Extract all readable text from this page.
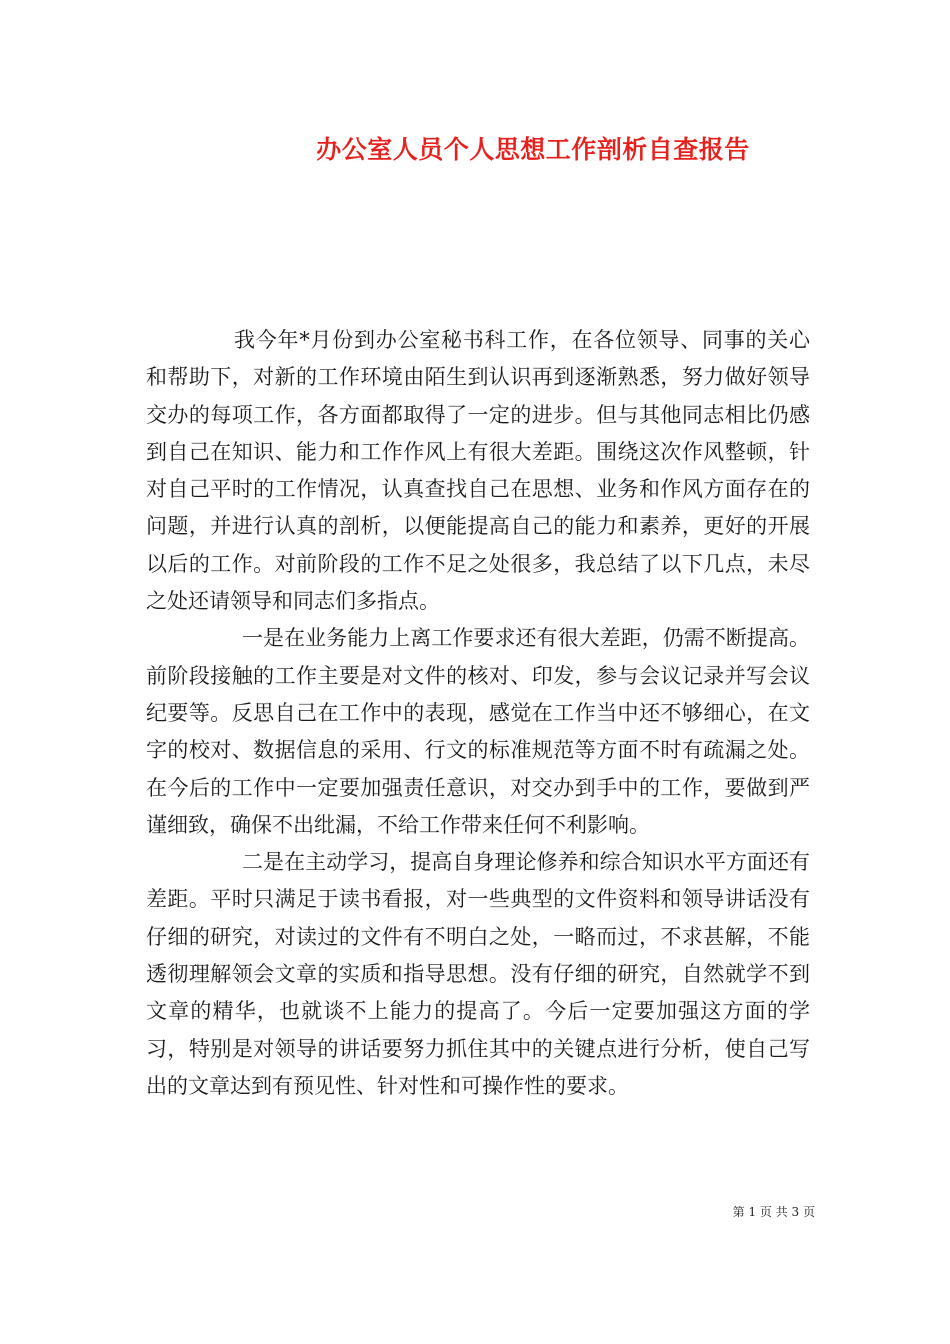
办公室人员个人思想工作剖析自查报告

我今年*月份到办公室秘书科工作，在各位领导、同事的关心和帮助下，对新的工作环境由陌生到认识再到逐渐熟悉，努力做好领导交办的每项工作，各方面都取得了一定的进步。但与其他同志相比仍感到自己在知识、能力和工作作风上有很大差距。围绕这次作风整顿，针对自己平时的工作情况，认真查找自己在思想、业务和作风方面存在的问题，并进行认真的剖析，以便能提高自己的能力和素养，更好的开展以后的工作。对前阶段的工作不足之处很多，我总结了以下几点，未尽之处还请领导和同志们多指点。

一是在业务能力上离工作要求还有很大差距，仍需不断提高。前阶段接触的工作主要是对文件的核对、印发，参与会议记录并写会议纪要等。反思自己在工作中的表现，感觉在工作当中还不够细心，在文字的校对、数据信息的采用、行文的标准规范等方面不时有疏漏之处。在今后的工作中一定要加强责任意识，对交办到手中的工作，要做到严谨细致，确保不出纰漏，不给工作带来任何不利影响。

二是在主动学习，提高自身理论修养和综合知识水平方面还有差距。平时只满足于读书看报，对一些典型的文件资料和领导讲话没有仔细的研究，对读过的文件有不明白之处，一略而过，不求甚解，不能透彻理解领会文章的实质和指导思想。没有仔细的研究，自然就学不到文章的精华，也就谈不上能力的提高了。今后一定要加强这方面的学习，特别是对领导的讲话要努力抓住其中的关键点进行分析，使自己写出的文章达到有预见性、针对性和可操作性的要求。

第 1 页 共 3 页
